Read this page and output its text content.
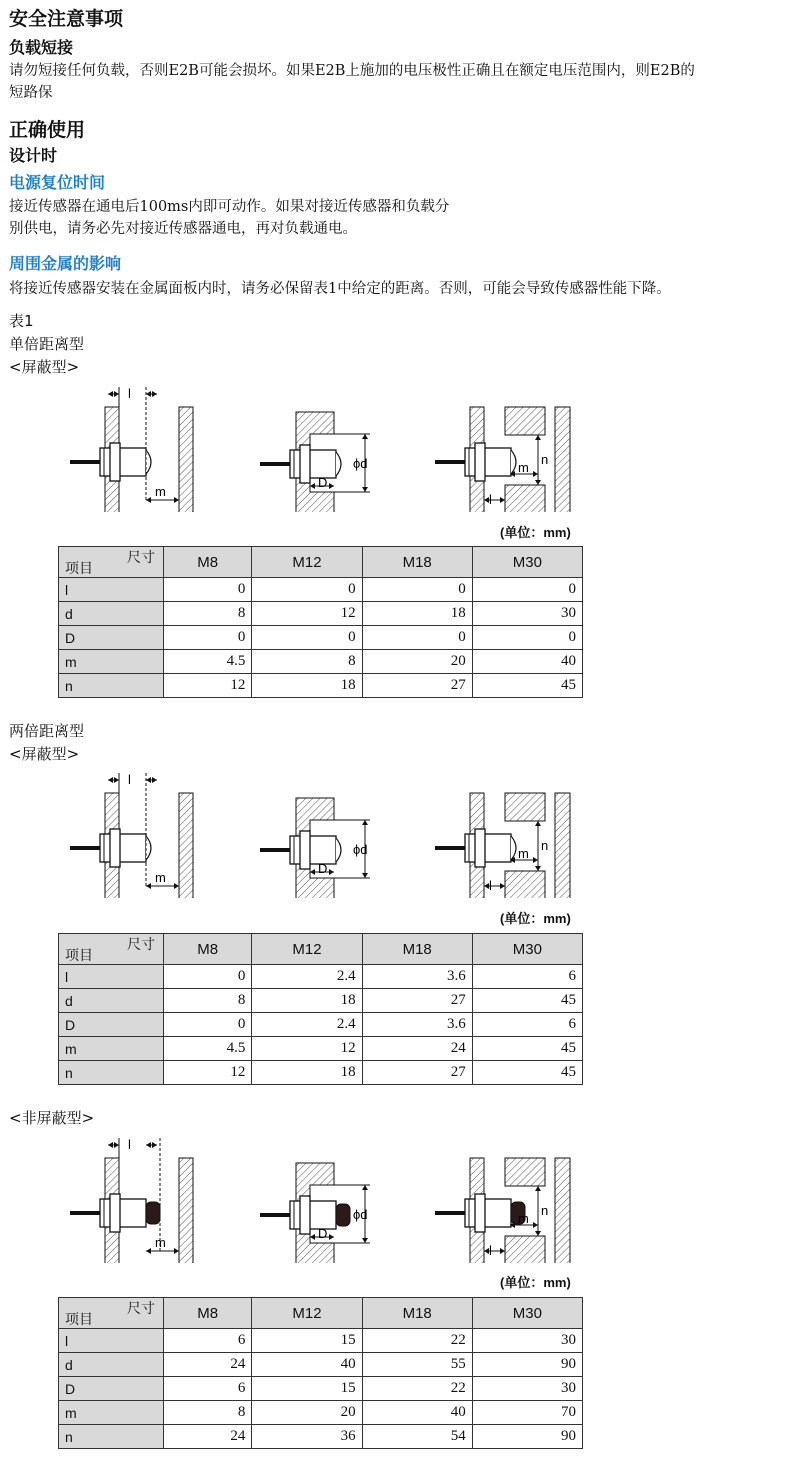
安全注意事项
负载短接
请勿短接任何负载，否则E2B可能会损坏。如果E2B上施加的电压极性正确且在额定电压范围内，则E2B的
短路保
正确使用
设计时
电源复位时间
接近传感器在通电后100ms内即可动作。如果对接近传感器和负载分
别供电，请务必先对接近传感器通电，再对负载通电。
周围金属的影响
将接近传感器安装在金属面板内时，请务必保留表1中给定的距离。否则，可能会导致传感器性能下降。
表1
单倍距离型
<屏蔽型>
l
m
ϕd
D
n
m
l
(单位：mm)
尺寸
项目	M8	M12	M18	M30
l	0	0	0	0
d	8	12	18	30
D	0	0	0	0
m	4.5	8	20	40
n	12	18	27	45
两倍距离型
<屏蔽型>
l
m
ϕd
D
n
m
l
(单位：mm)
尺寸
项目	M8	M12	M18	M30
l	0	2.4	3.6	6
d	8	18	27	45
D	0	2.4	3.6	6
m	4.5	12	24	45
n	12	18	27	45
<非屏蔽型>
l
m
ϕd
D
n
m
l
(单位：mm)
尺寸
项目	M8	M12	M18	M30
l	6	15	22	30
d	24	40	55	90
D	6	15	22	30
m	8	20	40	70
n	24	36	54	90
